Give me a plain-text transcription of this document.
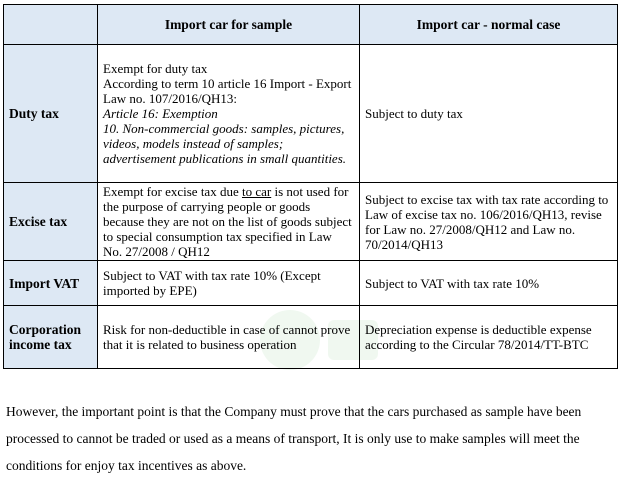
	Import car for sample	Import car - normal case
Duty tax	Exempt for duty tax
According to term 10 article 16 Import - Export Law no. 107/2016/QH13:
Article 16: Exemption
10. Non-commercial goods: samples, pictures, videos, models instead of samples; advertisement publications in small quantities.	Subject to duty tax
Excise tax	Exempt for excise tax due to car is not used for the purpose of carrying people or goods because they are not on the list of goods subject to special consumption tax specified in Law No. 27/2008 / QH12	Subject to excise tax with tax rate according to Law of excise tax no. 106/2016/QH13, revise for Law no. 27/2008/QH12 and Law no. 70/2014/QH13
Import VAT	Subject to VAT with tax rate 10% (Except imported by EPE)	Subject to VAT with tax rate 10%
Corporation income tax	Risk for non-deductible in case of cannot prove that it is related to business operation	Depreciation expense is deductible expense according to the Circular 78/2014/TT-BTC

However, the important point is that the Company must prove that the cars purchased as sample have been processed to cannot be traded or used as a means of transport, It is only use to make samples will meet the conditions for enjoy tax incentives as above.
